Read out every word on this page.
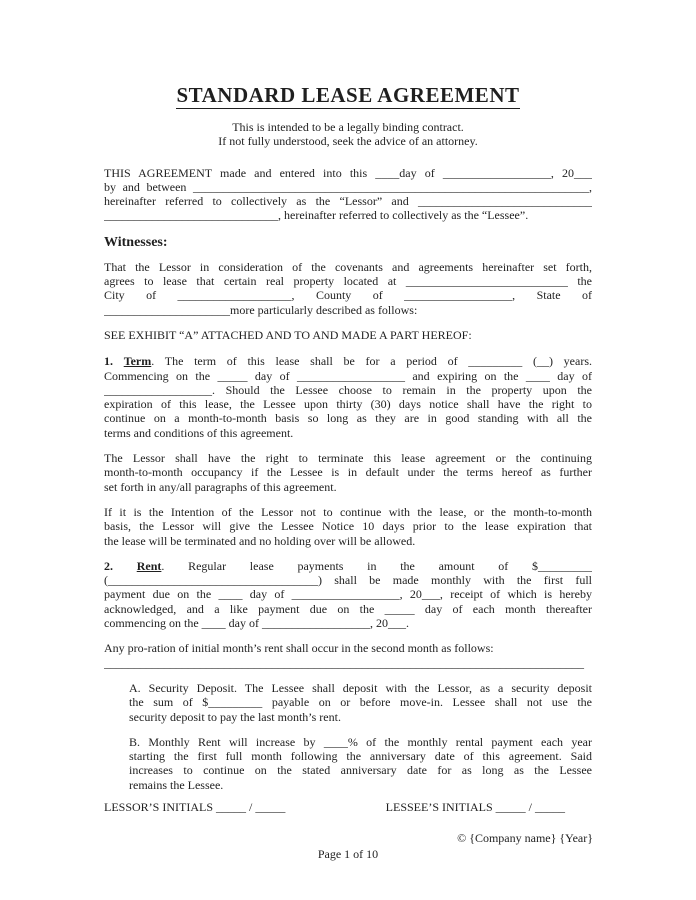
STANDARD LEASE AGREEMENT
This is intended to be a legally binding contract.
If not fully understood, seek the advice of an attorney.
THIS AGREEMENT made and entered into this ____day of __________________, 20___
by and between __________________________________________________________________,
hereinafter referred to collectively as the “Lessor” and _____________________________
_____________________________, hereinafter referred to collectively as the “Lessee”.
Witnesses:
That the Lessor in consideration of the covenants and agreements hereinafter set forth,
agrees to lease that certain real property located at ___________________________ the
City of ___________________, County of __________________, State of
_____________________more particularly described as follows:
SEE EXHIBIT “A” ATTACHED AND TO AND MADE A PART HEREOF:
1. Term. The term of this lease shall be for a period of _________ (__) years.
Commencing on the _____ day of __________________ and expiring on the ____ day of
__________________. Should the Lessee choose to remain in the property upon the
expiration of this lease, the Lessee upon thirty (30) days notice shall have the right to
continue on a month-to-month basis so long as they are in good standing with all the
terms and conditions of this agreement.
The Lessor shall have the right to terminate this lease agreement or the continuing
month-to-month occupancy if the Lessee is in default under the terms hereof as further
set forth in any/all paragraphs of this agreement.
If it is the Intention of the Lessor not to continue with the lease, or the month-to-month
basis, the Lessor will give the Lessee Notice 10 days prior to the lease expiration that
the lease will be terminated and no holding over will be allowed.
2. Rent. Regular lease payments in the amount of $_________
(___________________________________) shall be made monthly with the first full
payment due on the ____ day of __________________, 20___, receipt of which is hereby
acknowledged, and a like payment due on the _____ day of each month thereafter
commencing on the ____ day of __________________, 20___.
Any pro-ration of initial month’s rent shall occur in the second month as follows:
________________________________________________________________________________
A. Security Deposit. The Lessee shall deposit with the Lessor, as a security deposit
the sum of $_________ payable on or before move-in. Lessee shall not use the
security deposit to pay the last month’s rent.
B. Monthly Rent will increase by ____% of the monthly rental payment each year
starting the first full month following the anniversary date of this agreement. Said
increases to continue on the stated anniversary date for as long as the Lessee
remains the Lessee.
LESSOR’S INITIALS _____ / _____	LESSEE’S INITIALS _____ / _____
© {Company name} {Year}
Page 1 of 10
